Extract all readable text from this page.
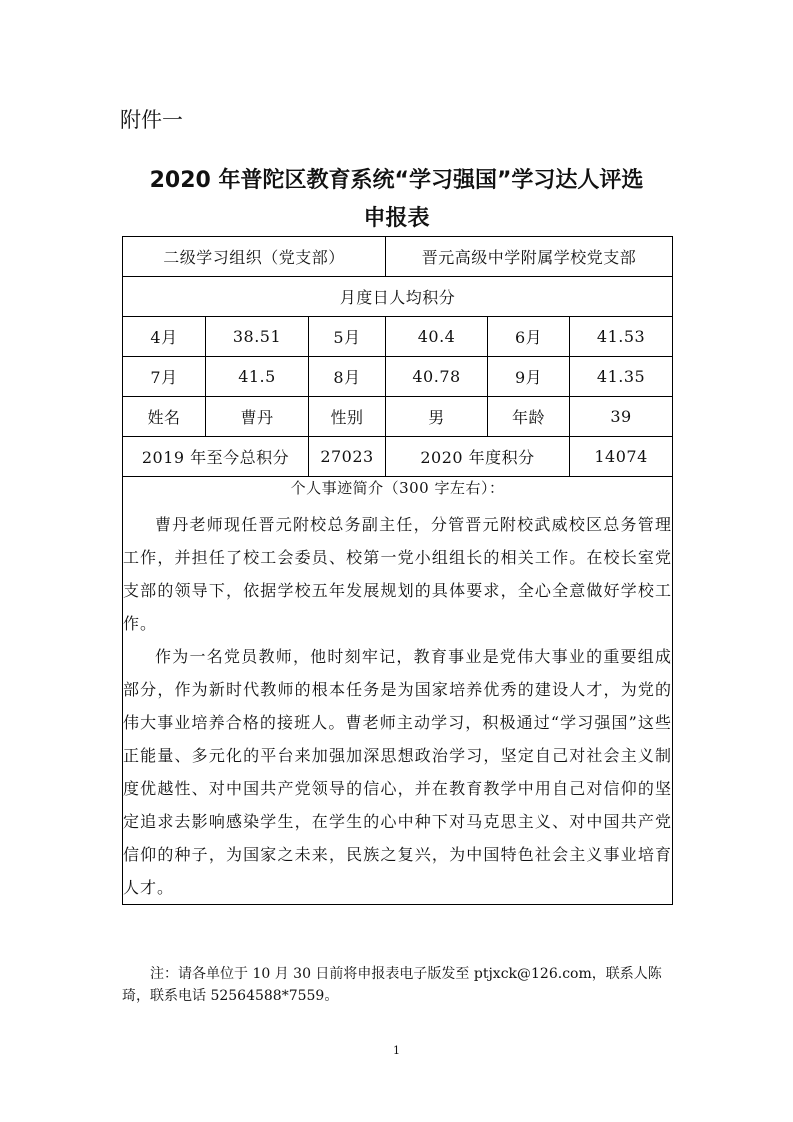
附件一
2020 年普陀区教育系统“学习强国”学习达人评选
申报表
二级学习组织（党支部）			晋元高级中学附属学校党支部		
月度日人均积分					
4月	38.51	5月	40.4	6月	41.53
7月	41.5	8月	40.78	9月	41.35
姓名	曹丹	性别	男	年龄	39
2019 年至今总积分		27023	2020 年度积分		14074

个人事迹简介（300 字左右）：

曹丹老师现任晋元附校总务副主任，分管晋元附校武威校区总务管理工作，并担任了校工会委员、校第一党小组组长的相关工作。在校长室党支部的领导下，依据学校五年发展规划的具体要求，全心全意做好学校工作。

作为一名党员教师，他时刻牢记，教育事业是党伟大事业的重要组成部分，作为新时代教师的根本任务是为国家培养优秀的建设人才，为党的伟大事业培养合格的接班人。曹老师主动学习，积极通过“学习强国”这些正能量、多元化的平台来加强加深思想政治学习，坚定自己对社会主义制度优越性、对中国共产党领导的信心，并在教育教学中用自己对信仰的坚定追求去影响感染学生，在学生的心中种下对马克思主义、对中国共产党信仰的种子，为国家之未来，民族之复兴，为中国特色社会主义事业培育人才。					

注：请各单位于 10 月 30 日前将申报表电子版发至 ptjxck@126.com，联系人陈琦，联系电话 52564588*7559。
1
